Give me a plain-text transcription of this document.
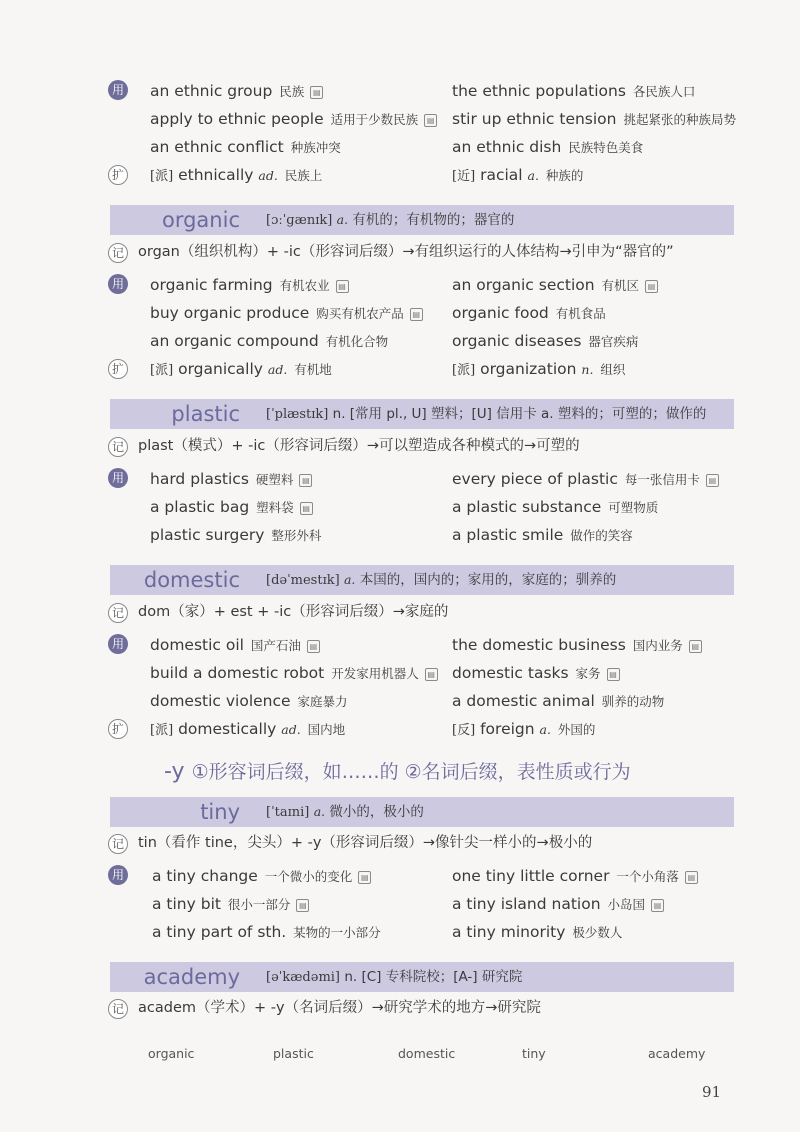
用 an ethnic group 民族 ▤	the ethnic populations 各民族人口
apply to ethnic people 适用于少数民族 ▤ stir up ethnic tension 挑起紧张的种族局势
an ethnic conflict 种族冲突	an ethnic dish 民族特色美食
扩	[派] ethnically ad. 民族上	[近] racial a. 种族的
organic [ɔːˈɡænɪk] a. 有机的；有机物的；器官的
记 organ（组织机构）+ -ic（形容词后缀）→有组织运行的人体结构→引申为“器官的”
用 organic farming 有机农业 ▤	an organic section 有机区 ▤
buy organic produce 购买有机农产品 ▤ organic food 有机食品
an organic compound 有机化合物	organic diseases 器官疾病
扩	[派] organically ad. 有机地	[派] organization n. 组织
plastic [ˈplæstɪk] n. [常用 pl., U] 塑料；[U] 信用卡 a. 塑料的；可塑的；做作的
记 plast（模式）+ -ic（形容词后缀）→可以塑造成各种模式的→可塑的
用 hard plastics 硬塑料 ▤	every piece of plastic 每一张信用卡 ▤
a plastic bag 塑料袋 ▤	a plastic substance 可塑物质
plastic surgery 整形外科	a plastic smile 做作的笑容
domestic [dəˈmestɪk] a. 本国的，国内的；家用的，家庭的；驯养的
记 dom（家）+ est + -ic（形容词后缀）→家庭的
用 domestic oil 国产石油 ▤	the domestic business 国内业务 ▤
build a domestic robot 开发家用机器人 ▤ domestic tasks 家务 ▤
domestic violence 家庭暴力	a domestic animal 驯养的动物
扩	[派] domestically ad. 国内地	[反] foreign a. 外国的
-y ①形容词后缀，如……的 ②名词后缀，表性质或行为
tiny [ˈtaɪni] a. 微小的，极小的
记 tin（看作 tine，尖头）+ -y（形容词后缀）→像针尖一样小的→极小的
用 a tiny change 一个微小的变化 ▤	one tiny little corner 一个小角落 ▤
a tiny bit 很小一部分 ▤	a tiny island nation 小岛国 ▤
a tiny part of sth. 某物的一小部分	a tiny minority 极少数人
academy [əˈkædəmi] n. [C] 专科院校；[A-] 研究院
记 academ（学术）+ -y（名词后缀）→研究学术的地方→研究院
organic	plastic	domestic	tiny	academy
91
